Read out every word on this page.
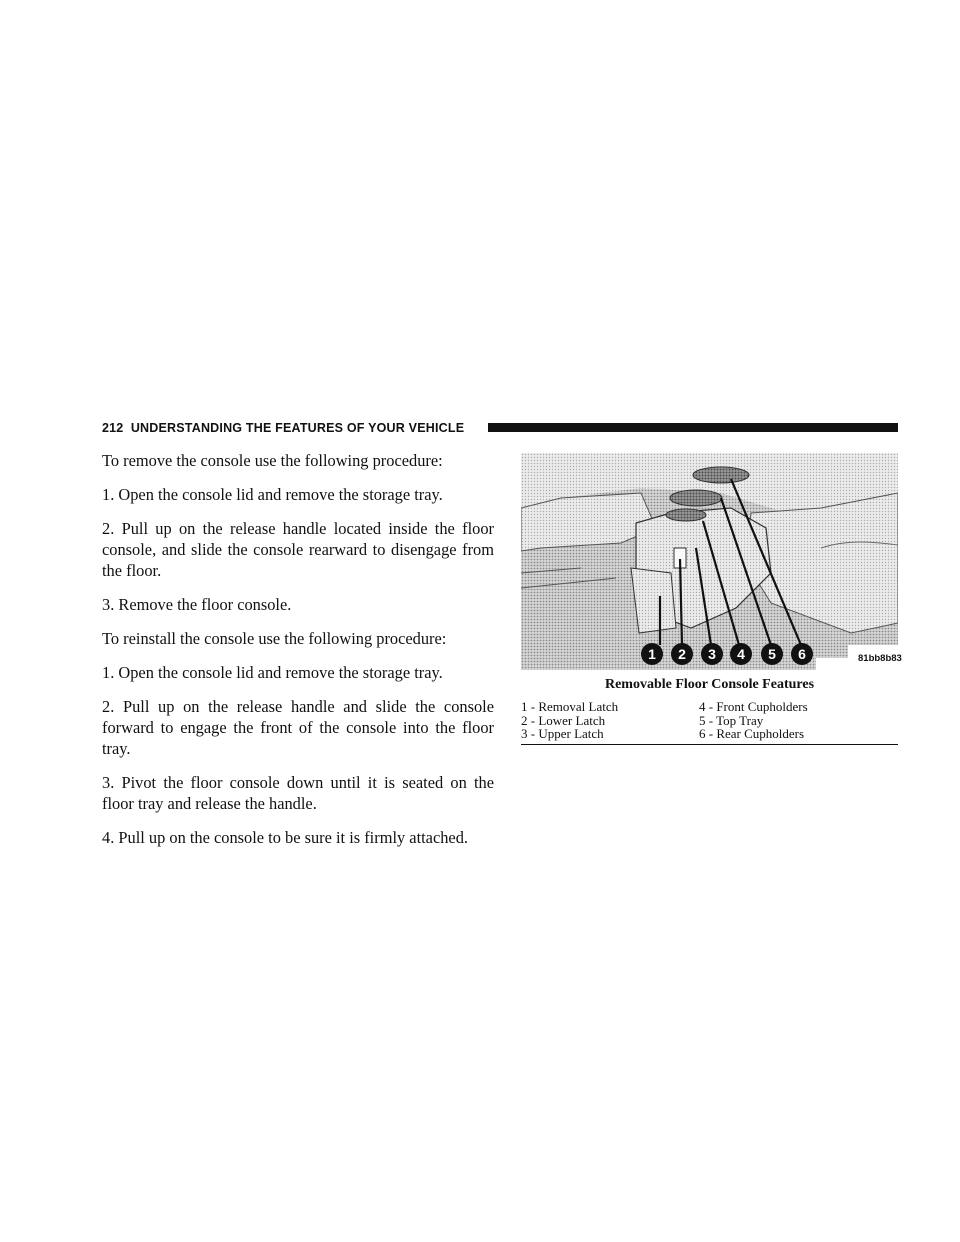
212 UNDERSTANDING THE FEATURES OF YOUR VEHICLE

To remove the console use the following procedure:

1. Open the console lid and remove the storage tray.

2. Pull up on the release handle located inside the floor console, and slide the console rearward to disengage from the floor.

3. Remove the floor console.

To reinstall the console use the following procedure:

1. Open the console lid and remove the storage tray.

2. Pull up on the release handle and slide the console forward to engage the front of the console into the floor tray.

3. Pivot the floor console down until it is seated on the floor tray and release the handle.

4. Pull up on the console to be sure it is firmly attached.

1 2 3 4 5 6	81bb8b83
Removable Floor Console Features
1 - Removal Latch	4 - Front Cupholders
2 - Lower Latch	5 - Top Tray
3 - Upper Latch	6 - Rear Cupholders
